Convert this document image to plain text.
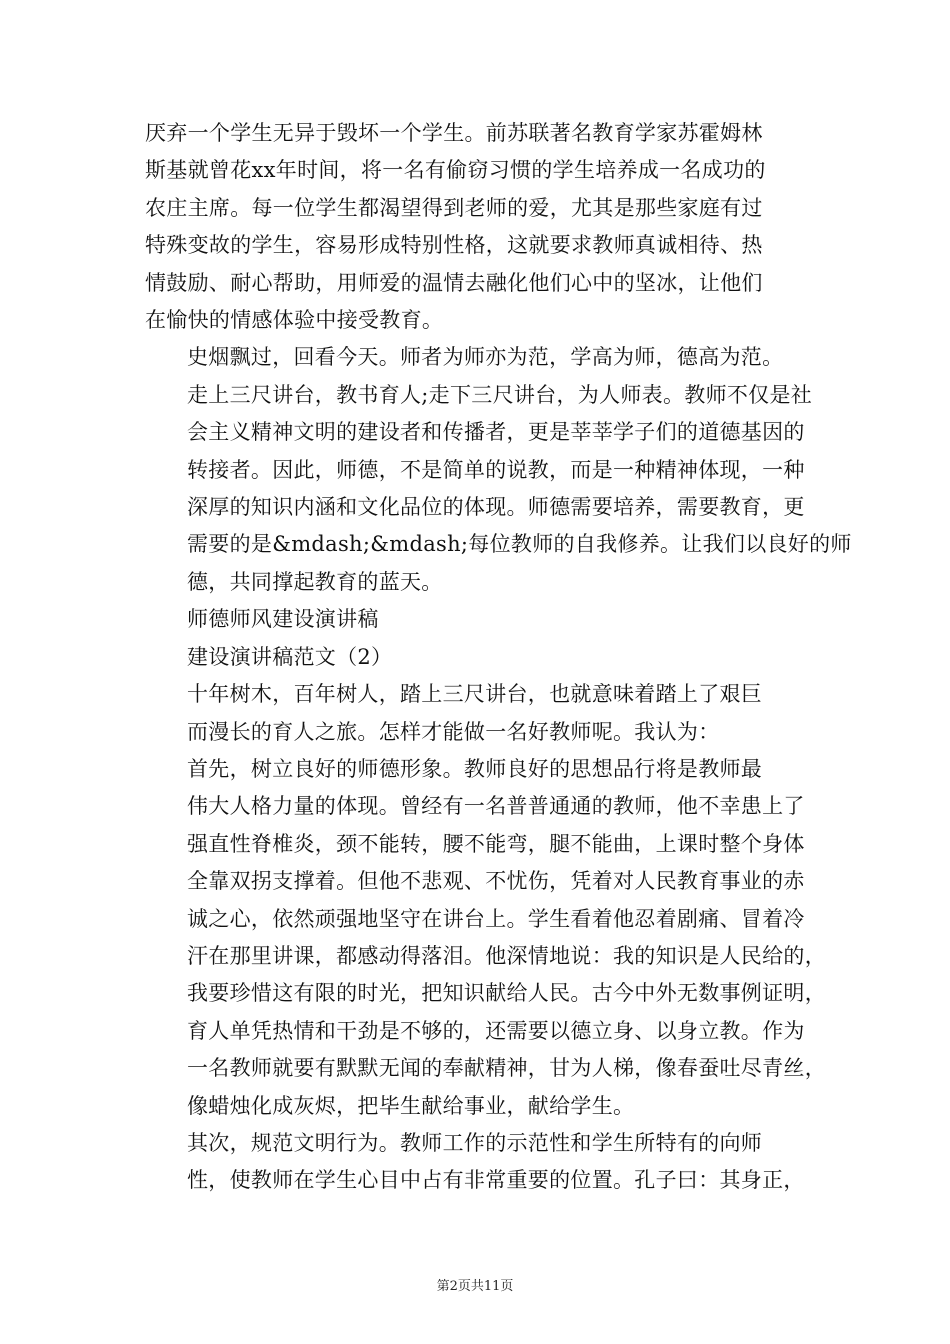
厌弃一个学生无异于毁坏一个学生。前苏联著名教育学家苏霍姆林
斯基就曾花xx年时间，将一名有偷窃习惯的学生培养成一名成功的
农庄主席。每一位学生都渴望得到老师的爱，尤其是那些家庭有过
特殊变故的学生，容易形成特别性格，这就要求教师真诚相待、热
情鼓励、耐心帮助，用师爱的温情去融化他们心中的坚冰，让他们
在愉快的情感体验中接受教育。

史烟飘过，回看今天。师者为师亦为范，学高为师，德高为范。
走上三尺讲台，教书育人;走下三尺讲台，为人师表。教师不仅是社
会主义精神文明的建设者和传播者，更是莘莘学子们的道德基因的
转接者。因此，师德，不是简单的说教，而是一种精神体现，一种
深厚的知识内涵和文化品位的体现。师德需要培养，需要教育，更
需要的是&mdash;&mdash;每位教师的自我修养。让我们以良好的师
德，共同撑起教育的蓝天。

师德师风建设演讲稿

建设演讲稿范文（2）

十年树木，百年树人，踏上三尺讲台，也就意味着踏上了艰巨
而漫长的育人之旅。怎样才能做一名好教师呢。我认为：

首先，树立良好的师德形象。教师良好的思想品行将是教师最
伟大人格力量的体现。曾经有一名普普通通的教师，他不幸患上了
强直性脊椎炎，颈不能转，腰不能弯，腿不能曲，上课时整个身体
全靠双拐支撑着。但他不悲观、不忧伤，凭着对人民教育事业的赤
诚之心，依然顽强地坚守在讲台上。学生看着他忍着剧痛、冒着冷
汗在那里讲课，都感动得落泪。他深情地说：我的知识是人民给的，
我要珍惜这有限的时光，把知识献给人民。古今中外无数事例证明，
育人单凭热情和干劲是不够的，还需要以德立身、以身立教。作为
一名教师就要有默默无闻的奉献精神，甘为人梯，像春蚕吐尽青丝，
像蜡烛化成灰烬，把毕生献给事业，献给学生。

其次，规范文明行为。教师工作的示范性和学生所特有的向师
性，使教师在学生心目中占有非常重要的位置。孔子曰：其身正，

第2页共11页
